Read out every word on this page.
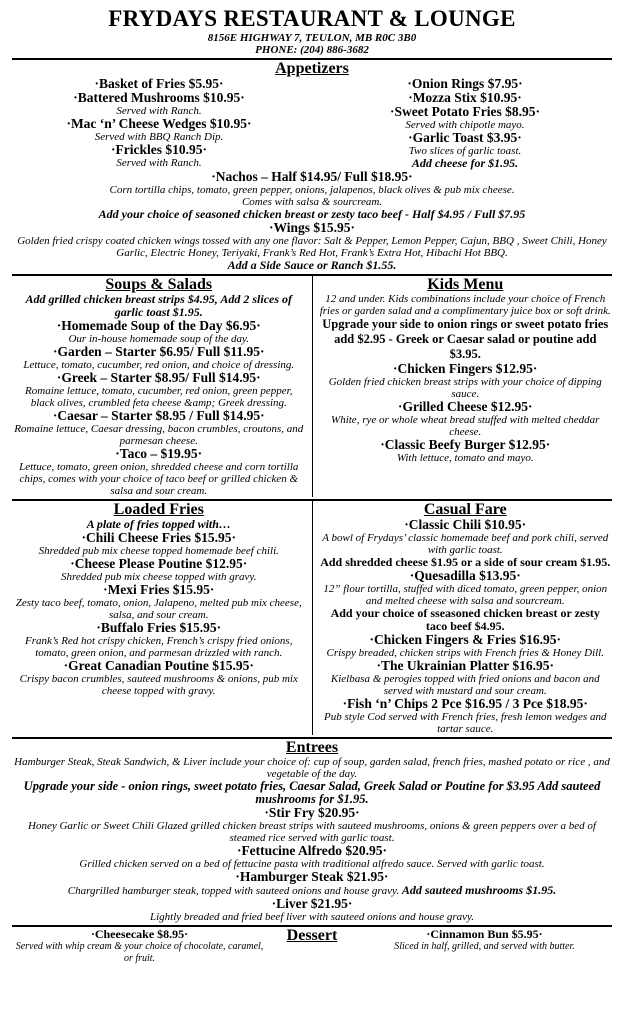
FRYDAYS RESTAURANT & LOUNGE
8156E HIGHWAY 7, TEULON, MB R0C 3B0
PHONE: (204) 886-3682
Appetizers
·Basket of Fries $5.95·
·Battered Mushrooms $10.95·
Served with Ranch.
·Mac ‘n’ Cheese Wedges $10.95·
Served with BBQ Ranch Dip.
·Frickles $10.95·
Served with Ranch.
·Onion Rings $7.95·
·Mozza Stix $10.95·
·Sweet Potato Fries $8.95·
Served with chipotle mayo.
·Garlic Toast $3.95·
Two slices of garlic toast.
Add cheese for $1.95.
·Nachos – Half $14.95/ Full $18.95·
Corn tortilla chips, tomato, green pepper, onions, jalapenos, black olives & pub mix cheese.
Comes with salsa & sourcream.
Add your choice of seasoned chicken breast or zesty taco beef - Half $4.95 / Full $7.95
·Wings $15.95·
Golden fried crispy coated chicken wings tossed with any one flavor: Salt & Pepper, Lemon Pepper, Cajun, BBQ , Sweet Chili, Honey Garlic, Electric Honey, Teriyaki, Frank’s Red Hot, Frank’s Extra Hot, Hibachi Hot BBQ.
Add a Side Sauce or Ranch $1.55.
Soups & Salads
Add grilled chicken breast strips $4.95, Add 2 slices of garlic toast $1.95.
·Homemade Soup of the Day $6.95·
Our in-house homemade soup of the day.
·Garden – Starter $6.95/ Full $11.95·
Lettuce, tomato, cucumber, red onion, and choice of dressing.
·Greek – Starter $8.95/ Full $14.95·
Romaine lettuce, tomato, cucumber, red onion, green pepper, black olives, crumbled feta cheese &amp; Greek dressing.
·Caesar – Starter $8.95 / Full $14.95·
Romaine lettuce, Caesar dressing, bacon crumbles, croutons, and parmesan cheese.
·Taco – $19.95·
Lettuce, tomato, green onion, shredded cheese and corn tortilla chips, comes with your choice of taco beef or grilled chicken & salsa and sour cream.
Kids Menu
12 and under. Kids combinations include your choice of French fries or garden salad and a complimentary juice box or soft drink.
Upgrade your side to onion rings or sweet potato fries add $2.95 - Greek or Caesar salad or poutine add $3.95.
·Chicken Fingers $12.95·
Golden fried chicken breast strips with your choice of dipping sauce.
·Grilled Cheese $12.95·
White, rye or whole wheat bread stuffed with melted cheddar cheese.
·Classic Beefy Burger $12.95·
With lettuce, tomato and mayo.
Loaded Fries
A plate of fries topped with…
·Chili Cheese Fries $15.95·
Shredded pub mix cheese topped homemade beef chili.
·Cheese Please Poutine $12.95·
Shredded pub mix cheese topped with gravy.
·Mexi Fries $15.95·
Zesty taco beef, tomato, onion, Jalapeno, melted pub mix cheese, salsa, and sour cream.
·Buffalo Fries $15.95·
Frank’s Red hot crispy chicken, French’s crispy fried onions, tomato, green onion, and parmesan drizzled with ranch.
·Great Canadian Poutine $15.95·
Crispy bacon crumbles, sauteed mushrooms & onions, pub mix cheese topped with gravy.
Casual Fare
·Classic Chili $10.95·
A bowl of Frydays’ classic homemade beef and pork chili, served with garlic toast.
Add shredded cheese $1.95 or a side of sour cream $1.95.
·Quesadilla $13.95·
12” flour tortilla, stuffed with diced tomato, green pepper, onion and melted cheese with salsa and sourcream.
Add your choice of sseasoned chicken breast or zesty taco beef $4.95.
·Chicken Fingers & Fries $16.95·
Crispy breaded, chicken strips with French fries & Honey Dill.
·The Ukrainian Platter $16.95·
Kielbasa & perogies topped with fried onions and bacon and served with mustard and sour cream.
·Fish ‘n’ Chips 2 Pce $16.95 / 3 Pce $18.95·
Pub style Cod served with French fries, fresh lemon wedges and tartar sauce.
Entrees
Hamburger Steak, Steak Sandwich, & Liver include your choice of: cup of soup, garden salad, french fries, mashed potato or rice , and vegetable of the day.
Upgrade your side - onion rings, sweet potato fries, Caesar Salad, Greek Salad or Poutine for $3.95 Add sauteed mushrooms for $1.95.
·Stir Fry $20.95·
Honey Garlic or Sweet Chili Glazed grilled chicken breast strips with sauteed mushrooms, onions & green peppers over a bed of steamed rice served with garlic toast.
·Fettucine Alfredo $20.95·
Grilled chicken served on a bed of fettucine pasta with traditional alfredo sauce. Served with garlic toast.
·Hamburger Steak $21.95·
Chargrilled hamburger steak, topped with sauteed onions and house gravy. Add sauteed mushrooms $1.95.
·Liver $21.95·
Lightly breaded and fried beef liver with sauteed onions and house gravy.
·Cheesecake $8.95·
Served with whip cream & your choice of chocolate, caramel, or fruit.
Dessert	·Cinnamon Bun $5.95·
Sliced in half, grilled, and served with butter.
